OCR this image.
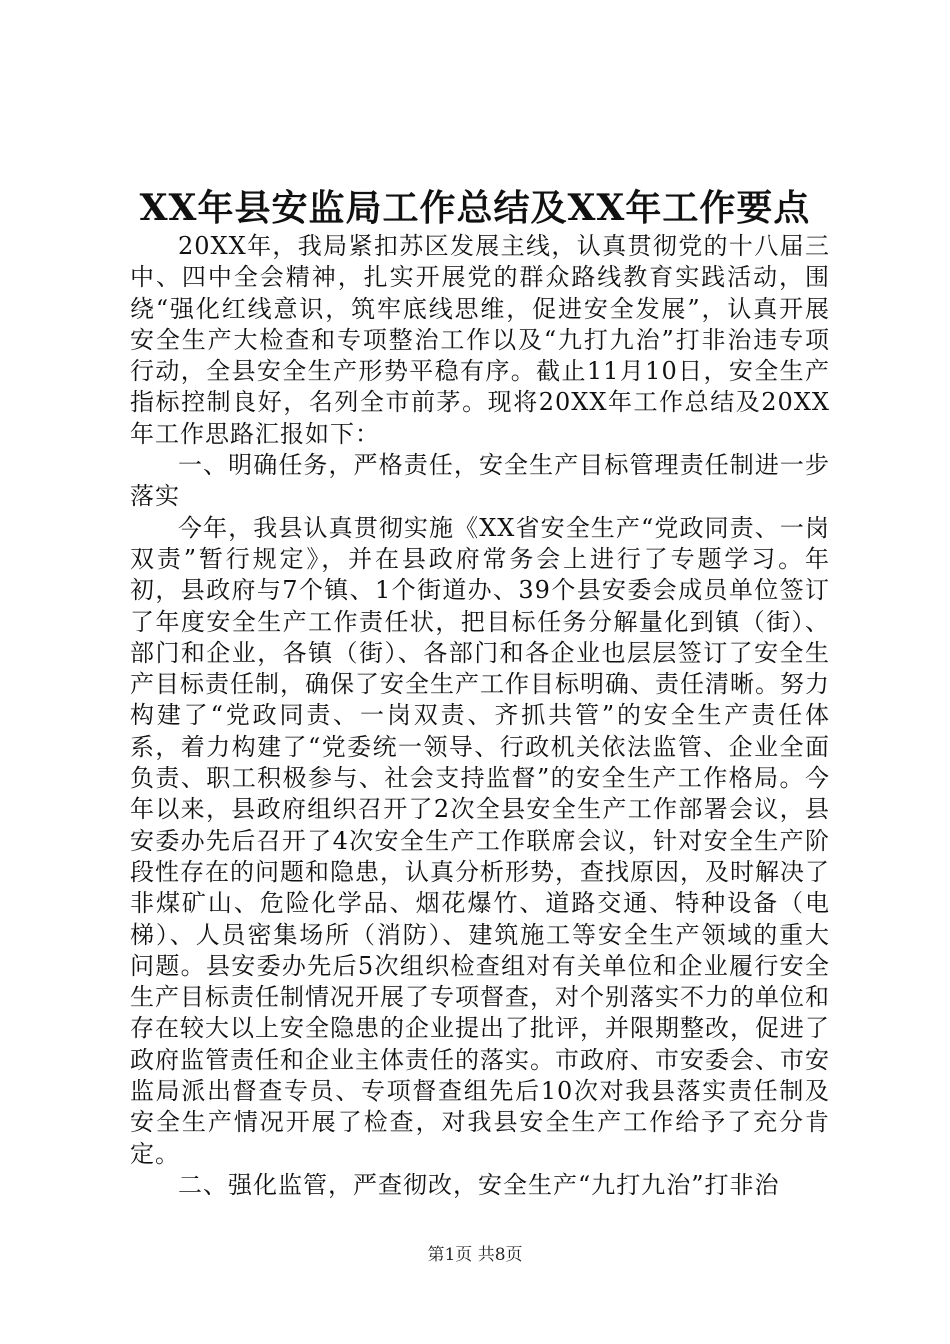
XX年县安监局工作总结及XX年工作要点

20XX年，我局紧扣苏区发展主线，认真贯彻党的十八届三中、四中全会精神，扎实开展党的群众路线教育实践活动，围绕“强化红线意识，筑牢底线思维，促进安全发展”，认真开展安全生产大检查和专项整治工作以及“九打九治”打非治违专项行动，全县安全生产形势平稳有序。截止11月10日，安全生产指标控制良好，名列全市前茅。现将20XX年工作总结及20XX年工作思路汇报如下：

一、明确任务，严格责任，安全生产目标管理责任制进一步落实

今年，我县认真贯彻实施《XX省安全生产“党政同责、一岗双责”暂行规定》，并在县政府常务会上进行了专题学习。年初，县政府与7个镇、1个街道办、39个县安委会成员单位签订了年度安全生产工作责任状，把目标任务分解量化到镇（街）、部门和企业，各镇（街）、各部门和各企业也层层签订了安全生产目标责任制，确保了安全生产工作目标明确、责任清晰。努力构建了“党政同责、一岗双责、齐抓共管”的安全生产责任体系，着力构建了“党委统一领导、行政机关依法监管、企业全面负责、职工积极参与、社会支持监督”的安全生产工作格局。今年以来，县政府组织召开了2次全县安全生产工作部署会议，县安委办先后召开了4次安全生产工作联席会议，针对安全生产阶段性存在的问题和隐患，认真分析形势，查找原因，及时解决了非煤矿山、危险化学品、烟花爆竹、道路交通、特种设备（电梯）、人员密集场所（消防）、建筑施工等安全生产领域的重大问题。县安委办先后5次组织检查组对有关单位和企业履行安全生产目标责任制情况开展了专项督查，对个别落实不力的单位和存在较大以上安全隐患的企业提出了批评，并限期整改，促进了政府监管责任和企业主体责任的落实。市政府、市安委会、市安监局派出督查专员、专项督查组先后10次对我县落实责任制及安全生产情况开展了检查，对我县安全生产工作给予了充分肯定。

二、强化监管，严查彻改，安全生产“九打九治”打非治

第1页 共8页
